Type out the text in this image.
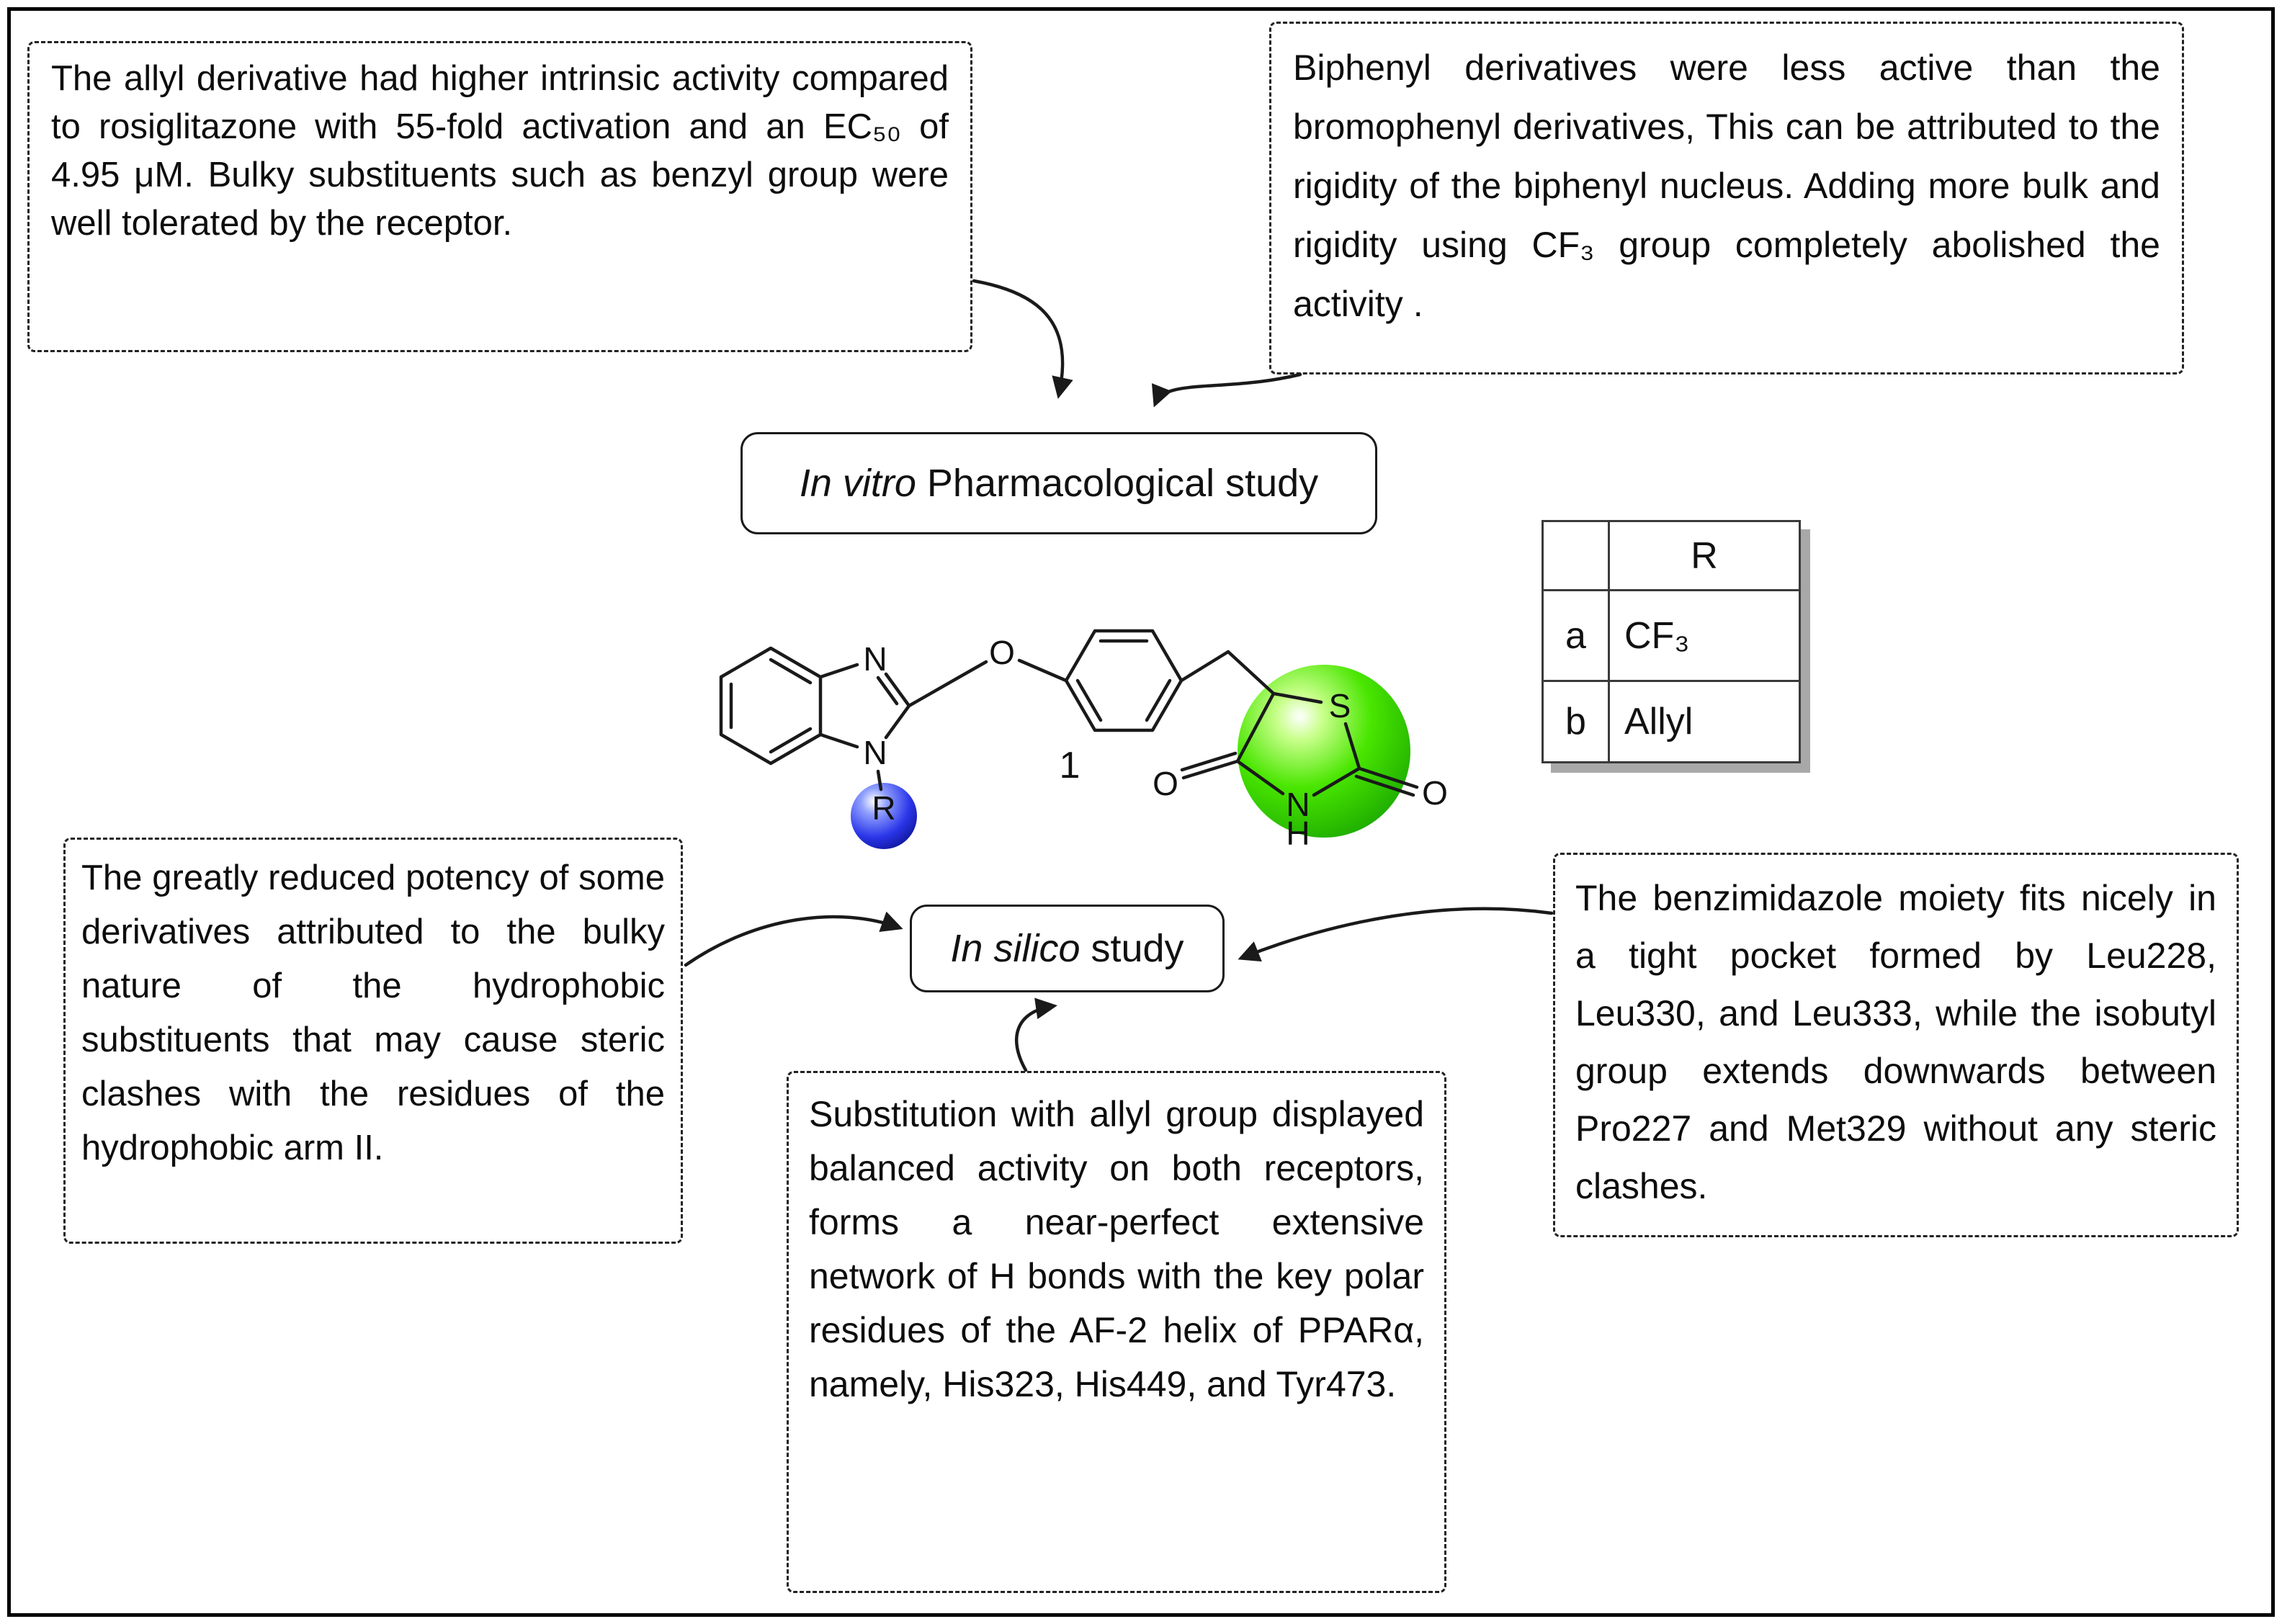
The allyl derivative had higher intrinsic activity compared to rosiglitazone with 55-fold activation and an EC₅₀ of 4.95 μM. Bulky substituents such as benzyl group were well tolerated by the receptor.
Biphenyl derivatives were less active than the bromophenyl derivatives, This can be attributed to the rigidity of the biphenyl nucleus. Adding more bulk and rigidity using CF₃ group completely abolished the activity .
The greatly reduced potency of some derivatives attributed to the bulky nature of the hydrophobic substituents that may cause steric clashes with the residues of the hydrophobic arm II.
Substitution with allyl group displayed balanced activity on both receptors, forms a near-perfect extensive network of H bonds with the key polar residues of the AF-2 helix of PPARα, namely, His323, His449, and Tyr473.
The benzimidazole moiety fits nicely in a tight pocket formed by Leu228, Leu330, and Leu333, while the isobutyl group extends downwards between Pro227 and Met329 without any steric clashes.
In vitro Pharmacological study
In silico study
N
N
R
O
S
N
H
O	O
1
R
a	CF₃
b	Allyl
